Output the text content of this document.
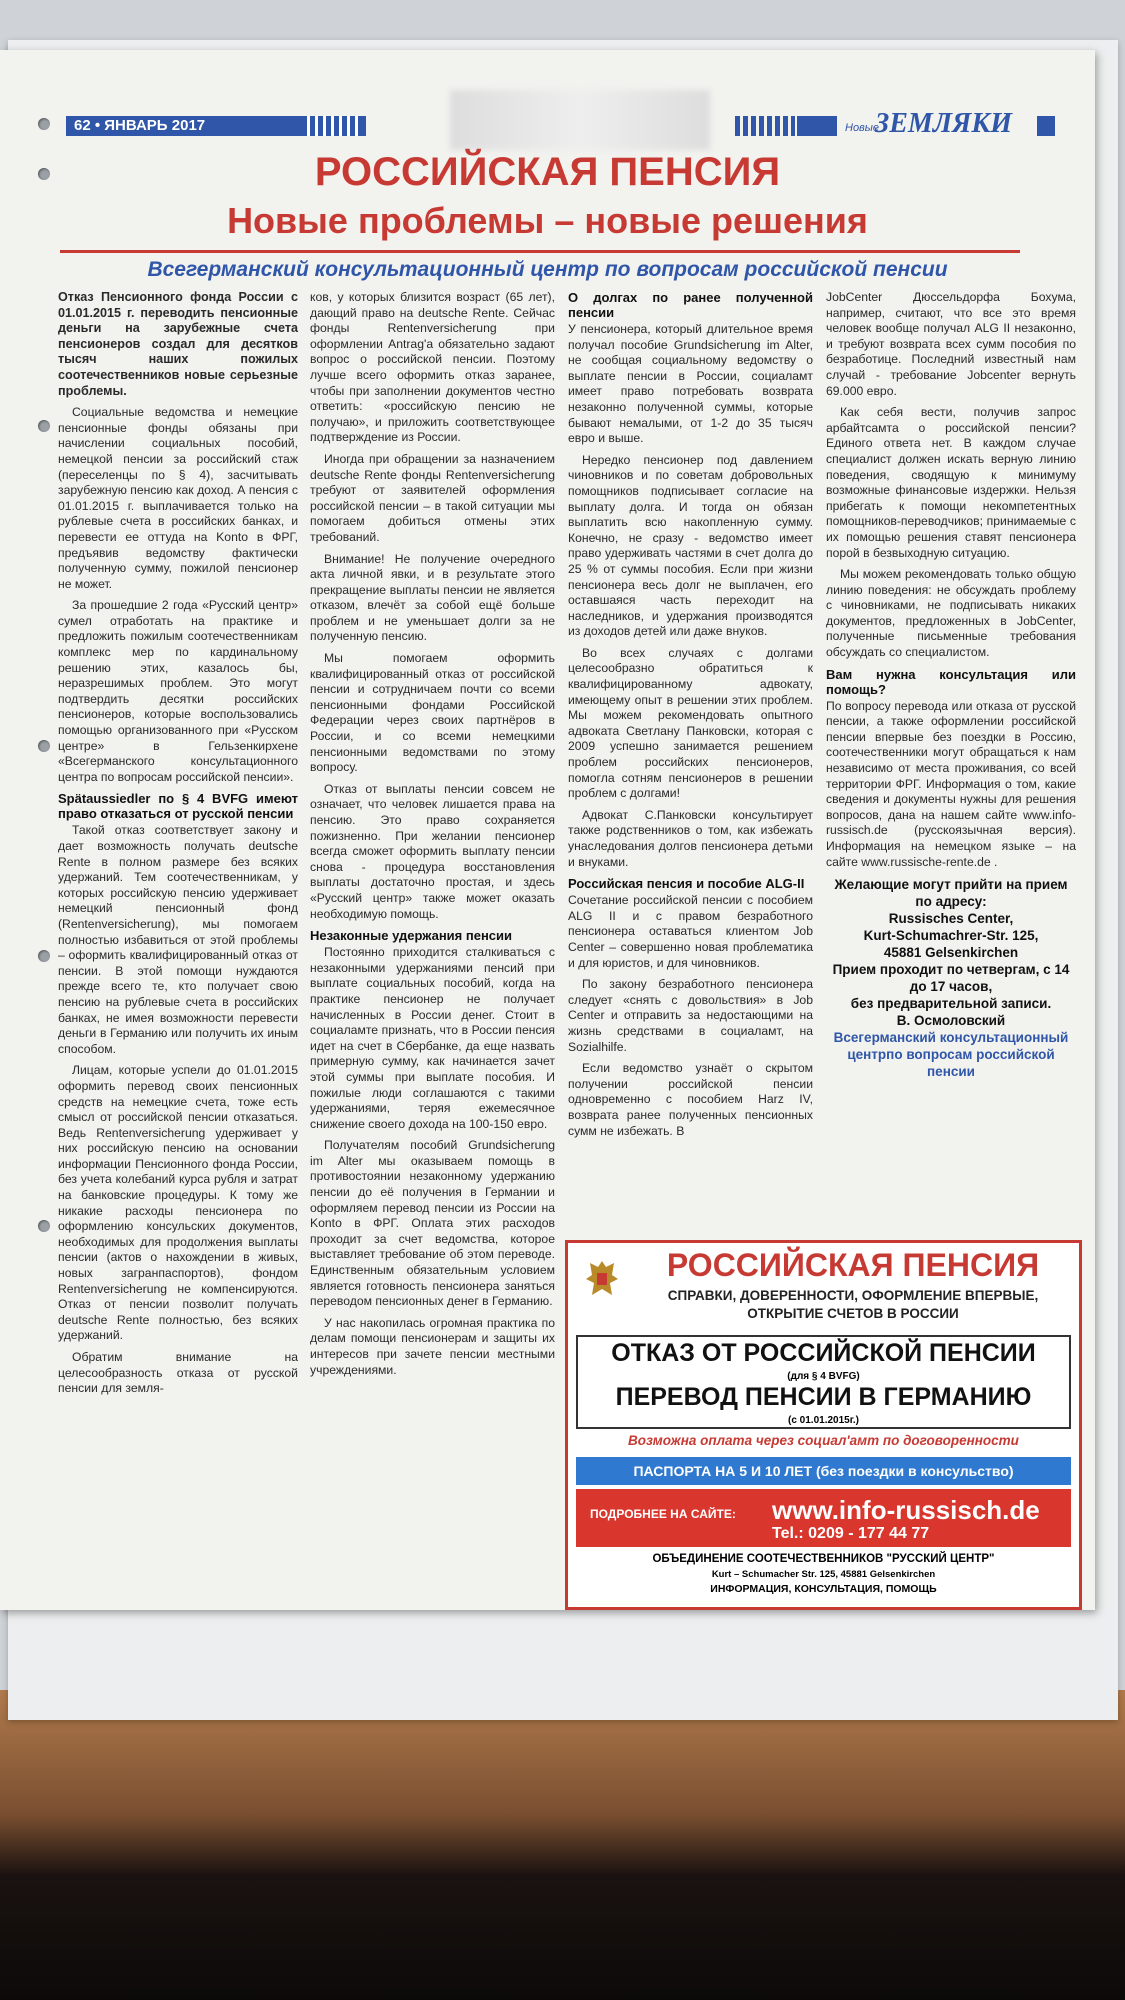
62 • ЯНВАРЬ 2017	Новые
ЗЕМЛЯКИ
РОССИЙСКАЯ ПЕНСИЯ
Новые проблемы – новые решения
Всегерманский консультационный центр по вопросам российской пенсии

Отказ Пенсионного фонда России с 01.01.2015 г. переводить пенсионные деньги на зарубежные счета пенсионеров создал для десятков тысяч наших пожилых соотечественников новые серьезные проблемы.

Социальные ведомства и немецкие пенсионные фонды обязаны при начислении социальных пособий, немецкой пенсии за российский стаж (переселенцы по § 4), засчитывать зарубежную пенсию как доход. А пенсия с 01.01.2015 г. выплачивается только на рублевые счета в российских банках, и перевести ее оттуда на Konto в ФРГ, предъявив ведомству фактически полученную сумму, пожилой пенсионер не может.

За прошедшие 2 года «Русский центр» сумел отработать на практике и предложить пожилым соотечественникам комплекс мер по кардинальному решению этих, казалось бы, неразрешимых проблем. Это могут подтвердить десятки российских пенсионеров, которые воспользовались помощью организованного при «Русском центре» в Гельзенкирхене «Всегерманского консультационного центра по вопросам российской пенсии».

Spätaussiedler по § 4 BVFG имеют право отказаться от русской пенсии

Такой отказ соответствует закону и дает возможность получать deutsche Rente в полном размере без всяких удержаний. Тем соотечественникам, у которых российскую пенсию удерживает немецкий пенсионный фонд (Rentenversicherung), мы помогаем полностью избавиться от этой проблемы – оформить квалифицированный отказ от пенсии. В этой помощи нуждаются прежде всего те, кто получает свою пенсию на рублевые счета в российских банках, не имея возможности перевести деньги в Германию или получить их иным способом.

Лицам, которые успели до 01.01.2015 оформить перевод своих пенсионных средств на немецкие счета, тоже есть смысл от российской пенсии отказаться. Ведь Rentenversicherung удерживает у них российскую пенсию на основании информации Пенсионного фонда России, без учета колебаний курса рубля и затрат на банковские процедуры. К тому же никакие расходы пенсионера по оформлению консульских документов, необходимых для продолжения выплаты пенсии (актов о нахождении в живых, новых загранпаспортов), фондом Rentenversicherung не компенсируются. Отказ от пенсии позволит получать deutsche Rente полностью, без всяких удержаний.

Обратим внимание на целесообразность отказа от русской пенсии для земля-

ков, у которых близится возраст (65 лет), дающий право на deutsche Rente. Сейчас фонды Rentenversicherung при оформлении Antrag'а обязательно задают вопрос о российской пенсии. Поэтому лучше всего оформить отказ заранее, чтобы при заполнении документов честно ответить: «российскую пенсию не получаю», и приложить соответствующее подтверждение из России.

Иногда при обращении за назначением deutsche Rente фонды Rentenversicherung требуют от заявителей оформления российской пенсии – в такой ситуации мы помогаем добиться отмены этих требований.

Внимание! Не получение очередного акта личной явки, и в результате этого прекращение выплаты пенсии не является отказом, влечёт за собой ещё больше проблем и не уменьшает долги за не полученную пенсию.

Мы помогаем оформить квалифицированный отказ от российской пенсии и сотрудничаем почти со всеми пенсионными фондами Российской Федерации через своих партнёров в России, и со всеми немецкими пенсионными ведомствами по этому вопросу.

Отказ от выплаты пенсии совсем не означает, что человек лишается права на пенсию. Это право сохраняется пожизненно. При желании пенсионер всегда сможет оформить выплату пенсии снова - процедура восстановления выплаты достаточно простая, и здесь «Русский центр» также может оказать необходимую помощь.

Незаконные удержания пенсии

Постоянно приходится сталкиваться с незаконными удержаниями пенсий при выплате социальных пособий, когда на практике пенсионер не получает начисленных в России денег. Стоит в социаламте признать, что в России пенсия идет на счет в Сбербанке, да еще назвать примерную сумму, как начинается зачет этой суммы при выплате пособия. И пожилые люди соглашаются с такими удержаниями, теряя ежемесячное снижение своего дохода на 100-150 евро.

Получателям пособий Grundsicherung im Alter мы оказываем помощь в противостоянии незаконному удержанию пенсии до её получения в Германии и оформляем перевод пенсии из России на Konto в ФРГ. Оплата этих расходов проходит за счет ведомства, которое выставляет требование об этом переводе. Единственным обязательным условием является готовность пенсионера заняться переводом пенсионных денег в Германию.

У нас накопилась огромная практика по делам помощи пенсионерам и защиты их интересов при зачете пенсии местными учреждениями.

О долгах по ранее полученной пенсии

У пенсионера, который длительное время получал пособие Grundsicherung im Alter, не сообщая социальному ведомству о выплате пенсии в России, социаламт имеет право потребовать возврата незаконно полученной суммы, которые бывают немалыми, от 1-2 до 35 тысяч евро и выше.

Нередко пенсионер под давлением чиновников и по советам добровольных помощников подписывает согласие на выплату долга. И тогда он обязан выплатить всю накопленную сумму. Конечно, не сразу - ведомство имеет право удерживать частями в счет долга до 25 % от суммы пособия. Если при жизни пенсионера весь долг не выплачен, его оставшаяся часть переходит на наследников, и удержания производятся из доходов детей или даже внуков.

Во всех случаях с долгами целесообразно обратиться к квалифицированному адвокату, имеющему опыт в решении этих проблем. Мы можем рекомендовать опытного адвоката Светлану Панковски, которая с 2009 успешно занимается решением проблем российских пенсионеров, помогла сотням пенсионеров в решении проблем с долгами!

Адвокат С.Панковски консультирует также родственников о том, как избежать унаследования долгов пенсионера детьми и внуками.

Российская пенсия и пособие ALG-II

Сочетание российской пенсии с пособием ALG II и с правом безработного пенсионера оставаться клиентом Job Center – совершенно новая проблематика и для юристов, и для чиновников.

По закону безработного пенсионера следует «снять с довольствия» в Job Center и отправить за недостающими на жизнь средствами в социаламт, на Sozialhilfe.

Если ведомство узнаёт о скрытом получении российской пенсии одновременно с пособием Harz IV, возврата ранее полученных пенсионных сумм не избежать. В

JobCenter Дюссельдорфа Бохума, например, считают, что все это время человек вообще получал ALG II незаконно, и требуют возврата всех сумм пособия по безработице. Последний известный нам случай - требование Jobcenter вернуть 69.000 евро.

Как себя вести, получив запрос арбайтсамта о российской пенсии? Единого ответа нет. В каждом случае специалист должен искать верную линию поведения, сводящую к минимуму возможные финансовые издержки. Нельзя прибегать к помощи некомпетентных помощников-переводчиков; принимаемые с их помощью решения ставят пенсионера порой в безвыходную ситуацию.

Мы можем рекомендовать только общую линию поведения: не обсуждать проблему с чиновниками, не подписывать никаких документов, предложенных в JobCenter, полученные письменные требования обсуждать со специалистом.

Вам нужна консультация или помощь?

По вопросу перевода или отказа от русской пенсии, а также оформлении российской пенсии впервые без поездки в Россию, соотечественники могут обращаться к нам независимо от места проживания, со всей территории ФРГ. Информация о том, какие сведения и документы нужны для решения вопросов, дана на нашем сайте www.info-russisch.de (русскоязычная версия). Информация на немецком языке – на сайте www.russische-rente.de .

Желающие могут прийти на прием по адресу:
Russisches Center,
Kurt-Schumachrer-Str. 125,
45881 Gelsenkirchen
Прием проходит по четвергам, с 14 до 17 часов,
без предварительной записи.
В. Осмоловский
Всегерманский консультационный центрпо вопросам российской пенсии
РОССИЙСКАЯ ПЕНСИЯ
СПРАВКИ, ДОВЕРЕННОСТИ, ОФОРМЛЕНИЕ ВПЕРВЫЕ, ОТКРЫТИЕ СЧЕТОВ В РОССИИ
ОТКАЗ ОТ РОССИЙСКОЙ ПЕНСИИ
(для § 4 BVFG)
ПЕРЕВОД ПЕНСИИ В ГЕРМАНИЮ
(с 01.01.2015г.)
Возможна оплата через социал'амт по договоренности
ПАСПОРТА НА 5 И 10 ЛЕТ (без поездки в консульство)
ПОДРОБНЕЕ НА САЙТЕ: www.info-russisch.de
Tel.: 0209 - 177 44 77
ОБЪЕДИНЕНИЕ СООТЕЧЕСТВЕННИКОВ "РУССКИЙ ЦЕНТР"
Kurt – Schumacher Str. 125, 45881 Gelsenkirchen
ИНФОРМАЦИЯ, КОНСУЛЬТАЦИЯ, ПОМОЩЬ
